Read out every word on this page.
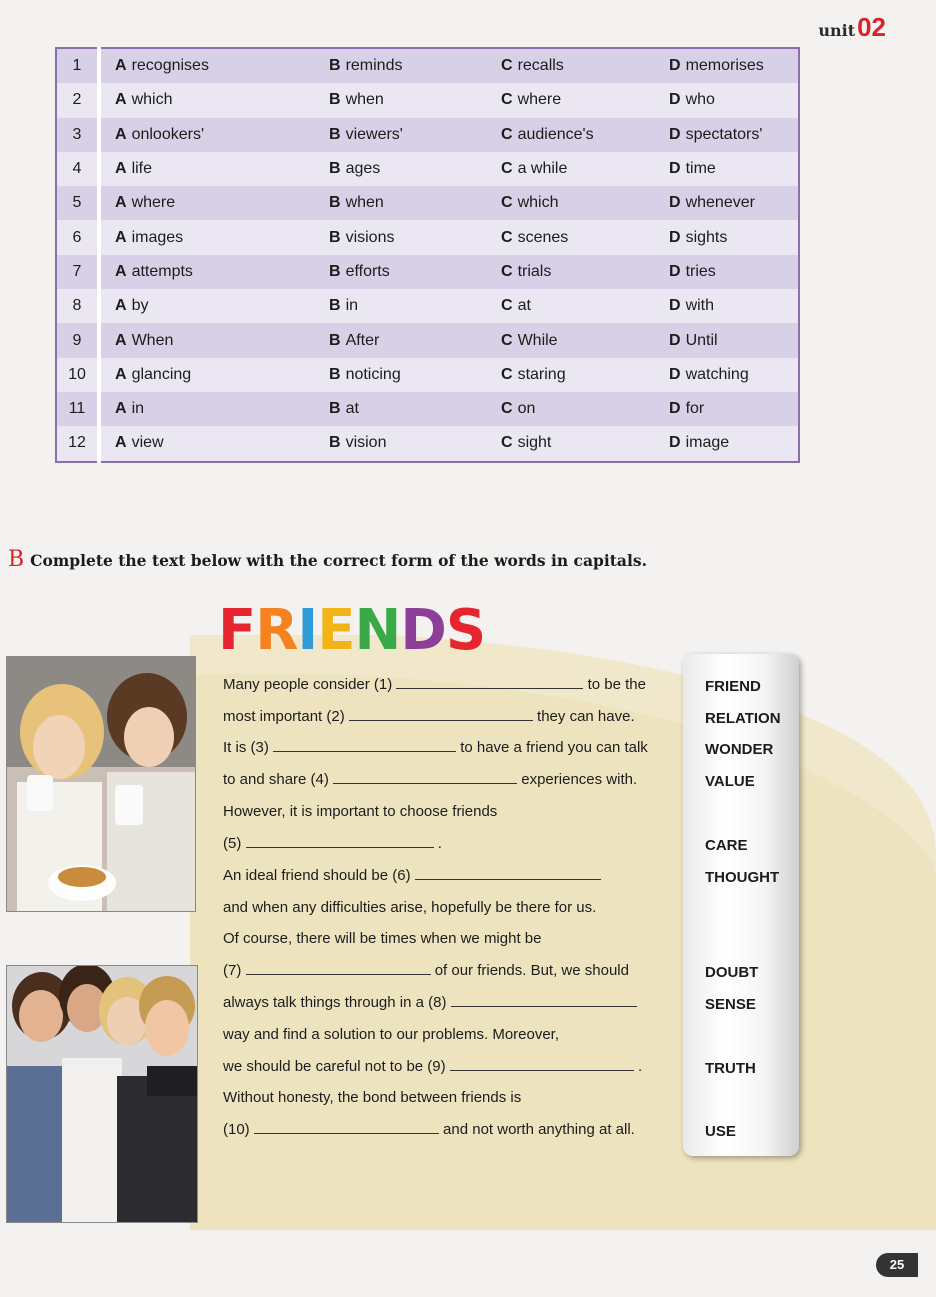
unit02
1	A recognises	B reminds	C recalls	D memorises
2	A which	B when	C where	D who
3	A onlookers'	B viewers'	C audience's	D spectators'
4	A life	B ages	C a while	D time
5	A where	B when	C which	D whenever
6	A images	B visions	C scenes	D sights
7	A attempts	B efforts	C trials	D tries
8	A by	B in	C at	D with
9	A When	B After	C While	D Until
10	A glancing	B noticing	C staring	D watching
11	A in	B at	C on	D for
12	A view	B vision	C sight	D image
B Complete the text below with the correct form of the words in capitals.
FRIENDS
Many people consider (1)	to be the
most important (2)	they can have.
It is (3)	to have a friend you can talk
to and share (4)	experiences with.
However, it is important to choose friends
(5)	.
An ideal friend should be (6)
and when any difficulties arise, hopefully be there for us.
Of course, there will be times when we might be
(7)	of our friends. But, we should
always talk things through in a (8)
way and find a solution to our problems. Moreover,
we should be careful not to be (9)	.
Without honesty, the bond between friends is
(10)	and not worth anything at all.
FRIEND
RELATION
WONDER
VALUE
CARE
THOUGHT
DOUBT
SENSE
TRUTH
USE
25
